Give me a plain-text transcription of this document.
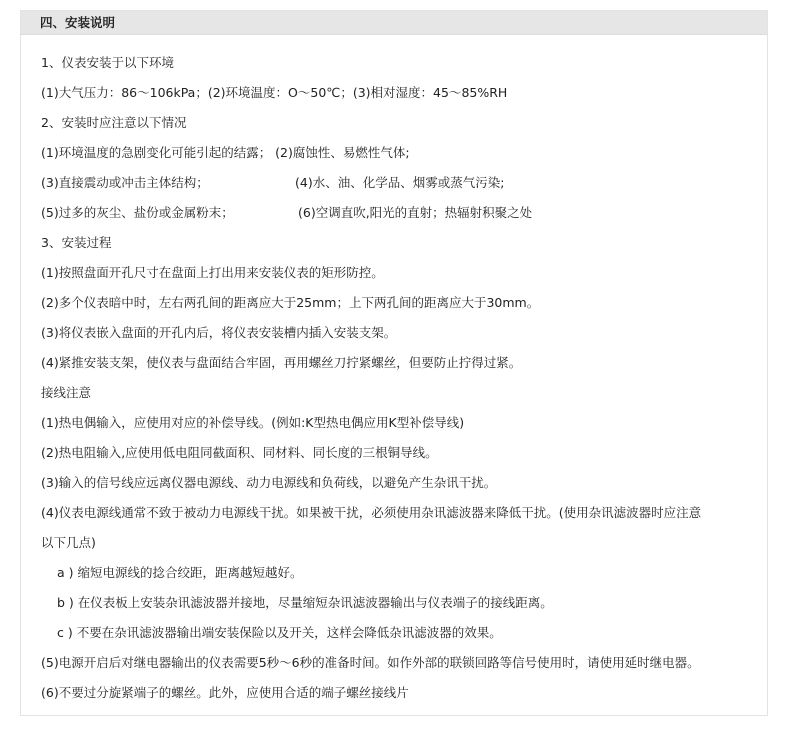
四、安装说明
1、仪表安装于以下环境
(1)大气压力：86～106kPa；(2)环境温度：O～50℃；(3)相对湿度：45～85%RH
2、安装时应注意以下情况
(1)环境温度的急剧变化可能引起的结露； (2)腐蚀性、易燃性气体;
(3)直接震动或冲击主体结构；	(4)水、油、化学品、烟雾或蒸气污染;
(5)过多的灰尘、盐份或金属粉末；	(6)空调直吹,阳光的直射；热辐射积聚之处
3、安装过程
(1)按照盘面开孔尺寸在盘面上打出用来安装仪表的矩形防控。
(2)多个仪表暗中时，左右两孔间的距离应大于25mm；上下两孔间的距离应大于30mm。
(3)将仪表嵌入盘面的开孔内后，将仪表安装槽内插入安装支架。
(4)紧推安装支架，使仪表与盘面结合牢固，再用螺丝刀拧紧螺丝，但要防止拧得过紧。
接线注意
(1)热电偶输入，应使用对应的补偿导线。(例如:K型热电偶应用K型补偿导线)
(2)热电阻输入,应使用低电阻同截面积、同材料、同长度的三根铜导线。
(3)输入的信号线应远离仪器电源线、动力电源线和负荷线，以避免产生杂讯干扰。
(4)仪表电源线通常不致于被动力电源线干扰。如果被干扰，必须使用杂讯滤波器来降低干扰。(使用杂讯滤波器时应注意
以下几点)
a ) 缩短电源线的捻合绞距，距离越短越好。
b ) 在仪表板上安装杂讯滤波器并接地，尽量缩短杂讯滤波器输出与仪表端子的接线距离。
c ) 不要在杂讯滤波器输出端安装保险以及开关，这样会降低杂讯滤波器的效果。
(5)电源开启后对继电器输出的仪表需要5秒～6秒的准备时间。如作外部的联锁回路等信号使用时，请使用延时继电器。
(6)不要过分旋紧端子的螺丝。此外，应使用合适的端子螺丝接线片
